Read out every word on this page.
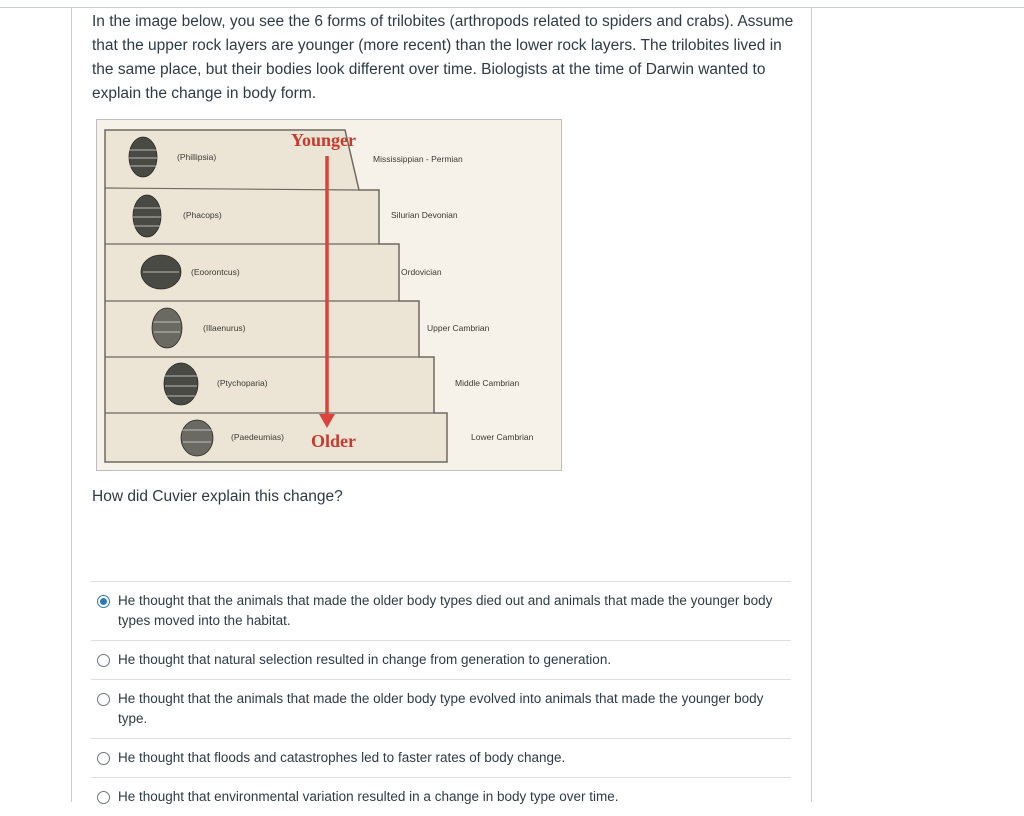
In the image below, you see the 6 forms of trilobites (arthropods related to spiders and crabs). Assume that the upper rock layers are younger (more recent) than the lower rock layers. The trilobites lived in the same place, but their bodies look different over time. Biologists at the time of Darwin wanted to explain the change in body form.
(Phillipsia)
(Phacops)
(Eoorontcus)
(Illaenurus)
(Ptychoparia)
(Paedeumias)
Mississippian - Permian
Silurian Devonian
Ordovician
Upper Cambrian
Middle Cambrian
Lower Cambrian
Younger
Older
How did Cuvier explain this change?
He thought that the animals that made the older body types died out and animals that made the younger body types moved into the habitat.
He thought that natural selection resulted in change from generation to generation.
He thought that the animals that made the older body type evolved into animals that made the younger body type.
He thought that floods and catastrophes led to faster rates of body change.
He thought that environmental variation resulted in a change in body type over time.
